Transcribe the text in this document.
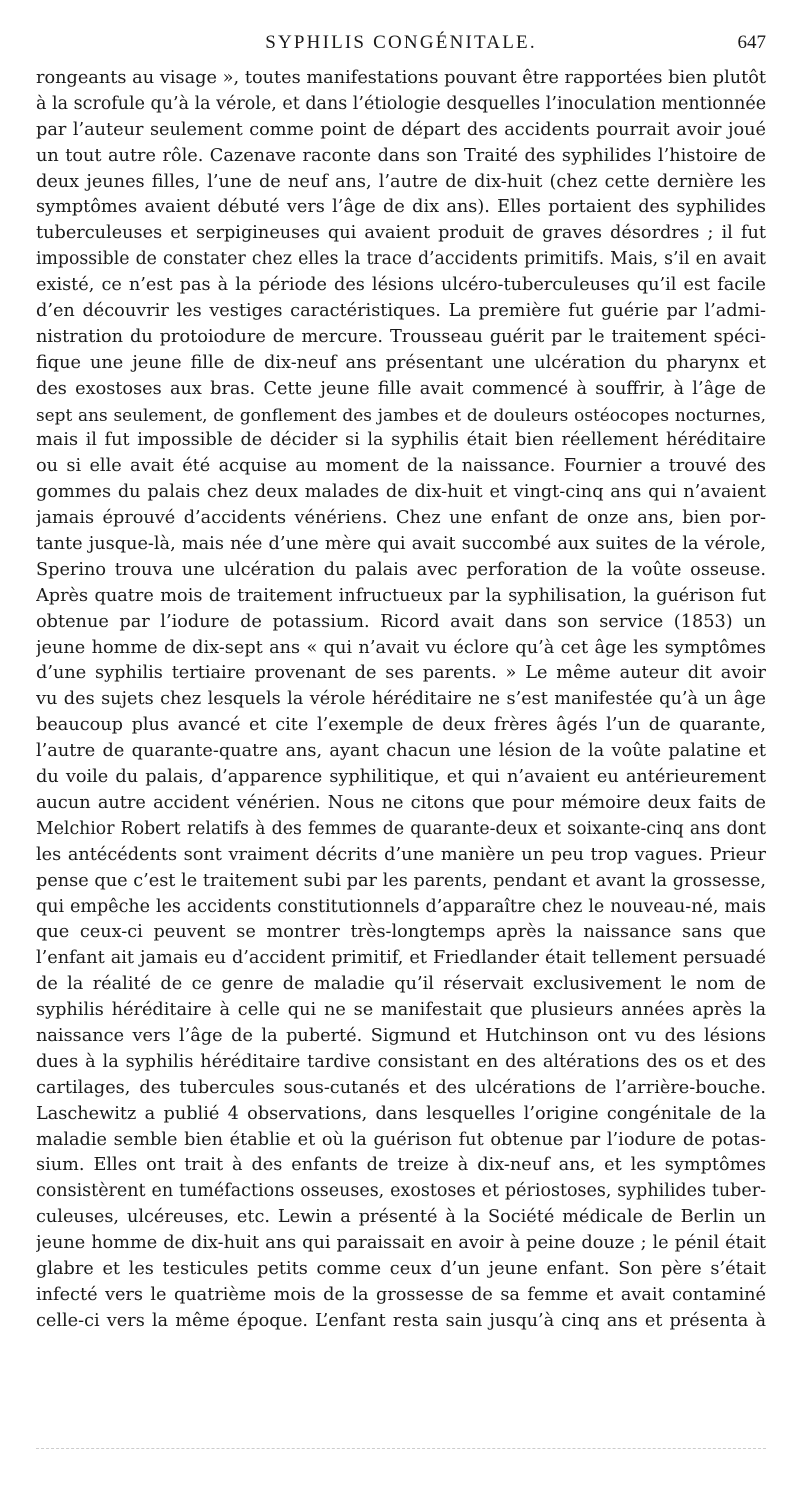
SYPHILIS CONGÉNITALE.	647
rongeants au visage », toutes manifestations pouvant être rapportées bien plutôt
à la scrofule qu’à la vérole, et dans l’étiologie desquelles l’inoculation mentionnée
par l’auteur seulement comme point de départ des accidents pourrait avoir joué
un tout autre rôle. Cazenave raconte dans son Traité des syphilides l’histoire de
deux jeunes filles, l’une de neuf ans, l’autre de dix-huit (chez cette dernière les
symptômes avaient débuté vers l’âge de dix ans). Elles portaient des syphilides
tuberculeuses et serpigineuses qui avaient produit de graves désordres ; il fut
impossible de constater chez elles la trace d’accidents primitifs. Mais, s’il en avait
existé, ce n’est pas à la période des lésions ulcéro-tuberculeuses qu’il est facile
d’en découvrir les vestiges caractéristiques. La première fut guérie par l’admi-
nistration du protoiodure de mercure. Trousseau guérit par le traitement spéci-
fique une jeune fille de dix-neuf ans présentant une ulcération du pharynx et
des exostoses aux bras. Cette jeune fille avait commencé à souffrir, à l’âge de
sept ans seulement, de gonflement des jambes et de douleurs ostéocopes nocturnes,
mais il fut impossible de décider si la syphilis était bien réellement héréditaire
ou si elle avait été acquise au moment de la naissance. Fournier a trouvé des
gommes du palais chez deux malades de dix-huit et vingt-cinq ans qui n’avaient
jamais éprouvé d’accidents vénériens. Chez une enfant de onze ans, bien por-
tante jusque-là, mais née d’une mère qui avait succombé aux suites de la vérole,
Sperino trouva une ulcération du palais avec perforation de la voûte osseuse.
Après quatre mois de traitement infructueux par la syphilisation, la guérison fut
obtenue par l’iodure de potassium. Ricord avait dans son service (1853) un
jeune homme de dix-sept ans « qui n’avait vu éclore qu’à cet âge les symptômes
d’une syphilis tertiaire provenant de ses parents. » Le même auteur dit avoir
vu des sujets chez lesquels la vérole héréditaire ne s’est manifestée qu’à un âge
beaucoup plus avancé et cite l’exemple de deux frères âgés l’un de quarante,
l’autre de quarante-quatre ans, ayant chacun une lésion de la voûte palatine et
du voile du palais, d’apparence syphilitique, et qui n’avaient eu antérieurement
aucun autre accident vénérien. Nous ne citons que pour mémoire deux faits de
Melchior Robert relatifs à des femmes de quarante-deux et soixante-cinq ans dont
les antécédents sont vraiment décrits d’une manière un peu trop vagues. Prieur
pense que c’est le traitement subi par les parents, pendant et avant la grossesse,
qui empêche les accidents constitutionnels d’apparaître chez le nouveau-né, mais
que ceux-ci peuvent se montrer très-longtemps après la naissance sans que
l’enfant ait jamais eu d’accident primitif, et Friedlander était tellement persuadé
de la réalité de ce genre de maladie qu’il réservait exclusivement le nom de
syphilis héréditaire à celle qui ne se manifestait que plusieurs années après la
naissance vers l’âge de la puberté. Sigmund et Hutchinson ont vu des lésions
dues à la syphilis héréditaire tardive consistant en des altérations des os et des
cartilages, des tubercules sous-cutanés et des ulcérations de l’arrière-bouche.
Laschewitz a publié 4 observations, dans lesquelles l’origine congénitale de la
maladie semble bien établie et où la guérison fut obtenue par l’iodure de potas-
sium. Elles ont trait à des enfants de treize à dix-neuf ans, et les symptômes
consistèrent en tuméfactions osseuses, exostoses et périostoses, syphilides tuber-
culeuses, ulcéreuses, etc. Lewin a présenté à la Société médicale de Berlin un
jeune homme de dix-huit ans qui paraissait en avoir à peine douze ; le pénil était
glabre et les testicules petits comme ceux d’un jeune enfant. Son père s’était
infecté vers le quatrième mois de la grossesse de sa femme et avait contaminé
celle-ci vers la même époque. L’enfant resta sain jusqu’à cinq ans et présenta à
